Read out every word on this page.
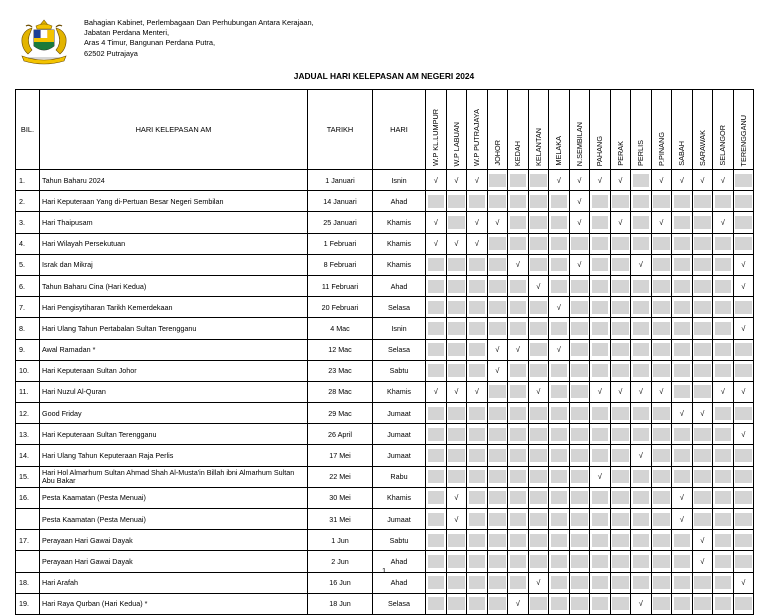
Bahagian Kabinet, Perlembagaan Dan Perhubungan Antara Kerajaan,
Jabatan Perdana Menteri,
Aras 4 Timur, Bangunan Perdana Putra,
62502 Putrajaya
JADUAL HARI KELEPASAN AM NEGERI 2024
BIL.	HARI KELEPASAN AM	TARIKH	HARI	W.P KL.LUMPUR	W.P LABUAN	W.P PUTRAJAYA	JOHOR	KEDAH	KELANTAN	MELAKA	N.SEMBILAN	PAHANG	PERAK	PERLIS	P.PINANG	SABAH	SARAWAK	SELANGOR	TERENGGANU

1.	Tahun Baharu 2024	1 Januari	Isnin	√	√	√				√	√	√	√		√	√	√	√	

2.	Hari Keputeraan Yang di-Pertuan Besar Negeri Sembilan	14 Januari	Ahad								√								

3.	Hari Thaipusam	25 Januari	Khamis	√		√	√				√		√		√			√	

4.	Hari Wilayah Persekutuan	1 Februari	Khamis	√	√	√													

5.	Israk dan Mikraj	8 Februari	Khamis					√			√			√					√

6.	Tahun Baharu Cina (Hari Kedua)	11 Februari	Ahad						√										√

7.	Hari Pengisytiharan Tarikh Kemerdekaan	20 Februari	Selasa							√									

8.	Hari Ulang Tahun Pertabalan Sultan Terengganu	4 Mac	Isnin																√

9.	Awal Ramadan *	12 Mac	Selasa				√	√		√									

10.	Hari Keputeraan Sultan Johor	23 Mac	Sabtu				√												

11.	Hari Nuzul Al-Quran	28 Mac	Khamis	√	√	√			√			√	√	√	√			√	√

12.	Good Friday	29 Mac	Jumaat													√	√		

13.	Hari Keputeraan Sultan Terengganu	26 April	Jumaat																√

14.	Hari Ulang Tahun Keputeraan Raja Perlis	17 Mei	Jumaat											√					

15.	Hari Hol Almarhum Sultan Ahmad Shah Al-Musta'in Billah ibni Almarhum Sultan Abu Bakar	22 Mei	Rabu									√							

16.	Pesta Kaamatan (Pesta Menuai)	30 Mei	Khamis		√											√			

	Pesta Kaamatan (Pesta Menuai)	31 Mei	Jumaat		√											√			

17.	Perayaan Hari Gawai Dayak	1 Jun	Sabtu														√		

	Perayaan Hari Gawai Dayak	2 Jun	Ahad														√		

18.	Hari Arafah	16 Jun	Ahad						√										√

19.	Hari Raya Qurban (Hari Kedua) *	18 Jun	Selasa					√						√					

1
